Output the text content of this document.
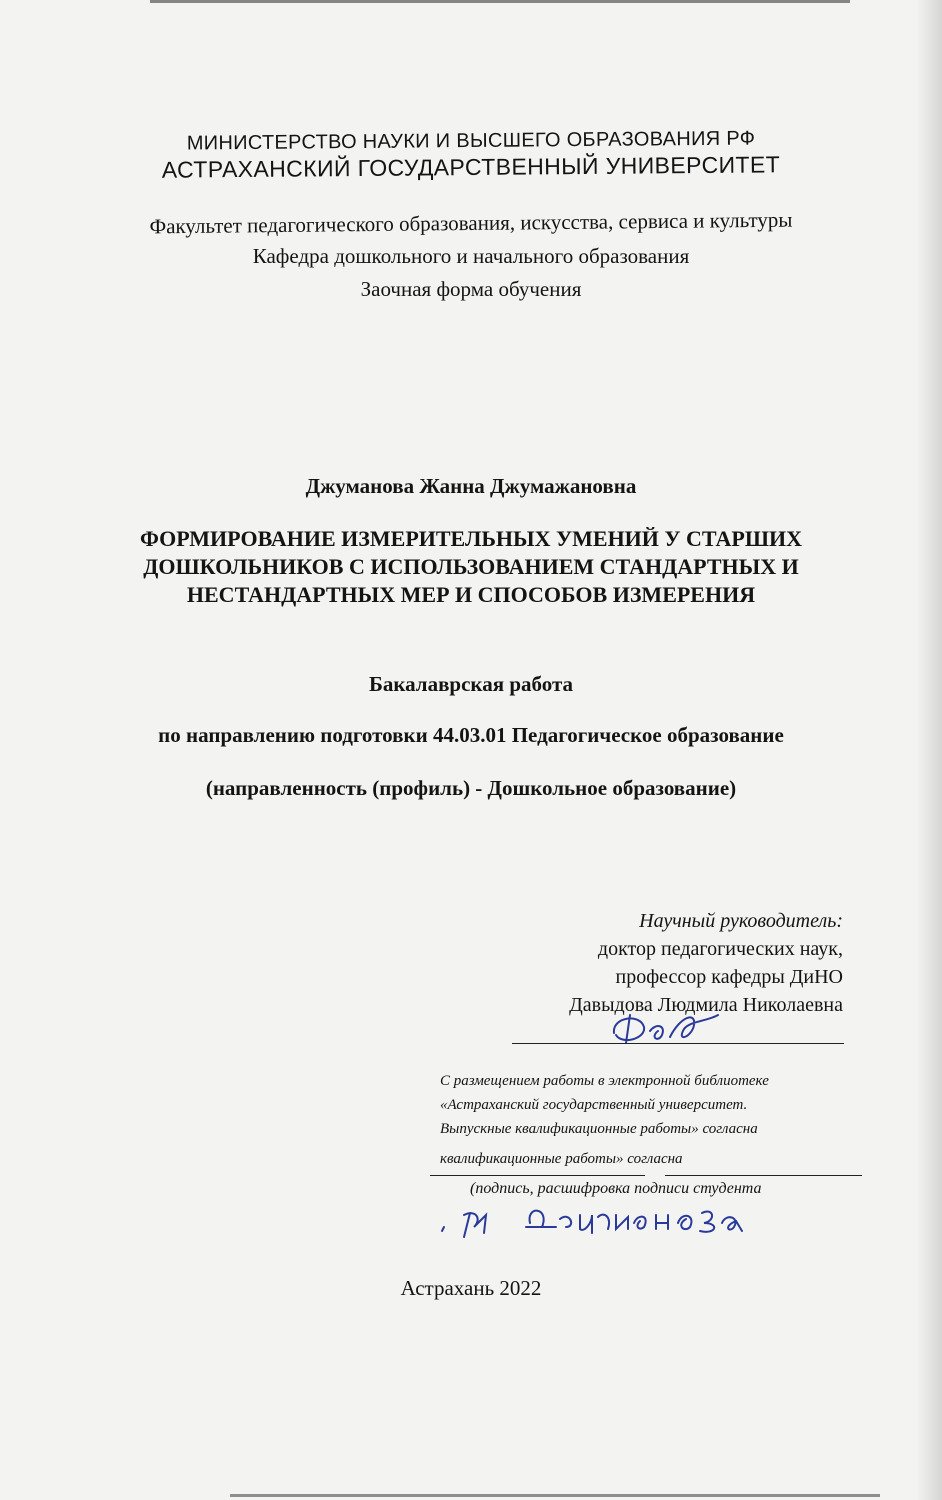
МИНИСТЕРСТВО НАУКИ И ВЫСШЕГО ОБРАЗОВАНИЯ РФ
АСТРАХАНСКИЙ ГОСУДАРСТВЕННЫЙ УНИВЕРСИТЕТ
Факультет педагогического образования, искусства, сервиса и культуры
Кафедра дошкольного и начального образования
Заочная форма обучения
Джуманова Жанна Джумажановна
ФОРМИРОВАНИЕ ИЗМЕРИТЕЛЬНЫХ УМЕНИЙ У СТАРШИХ
ДОШКОЛЬНИКОВ С ИСПОЛЬЗОВАНИЕМ СТАНДАРТНЫХ И
НЕСТАНДАРТНЫХ МЕР И СПОСОБОВ ИЗМЕРЕНИЯ
Бакалаврская работа
по направлению подготовки 44.03.01 Педагогическое образование
(направленность (профиль) - Дошкольное образование)
Научный руководитель:
доктор педагогических наук,
профессор кафедры ДиНО
Давыдова Людмила Николаевна
С размещением работы в электронной библиотеке
«Астраханский государственный университет.
Выпускные квалификационные работы» согласна
квалификационные работы» согласна
(подпись, расшифровка подписи студента
Астрахань 2022
